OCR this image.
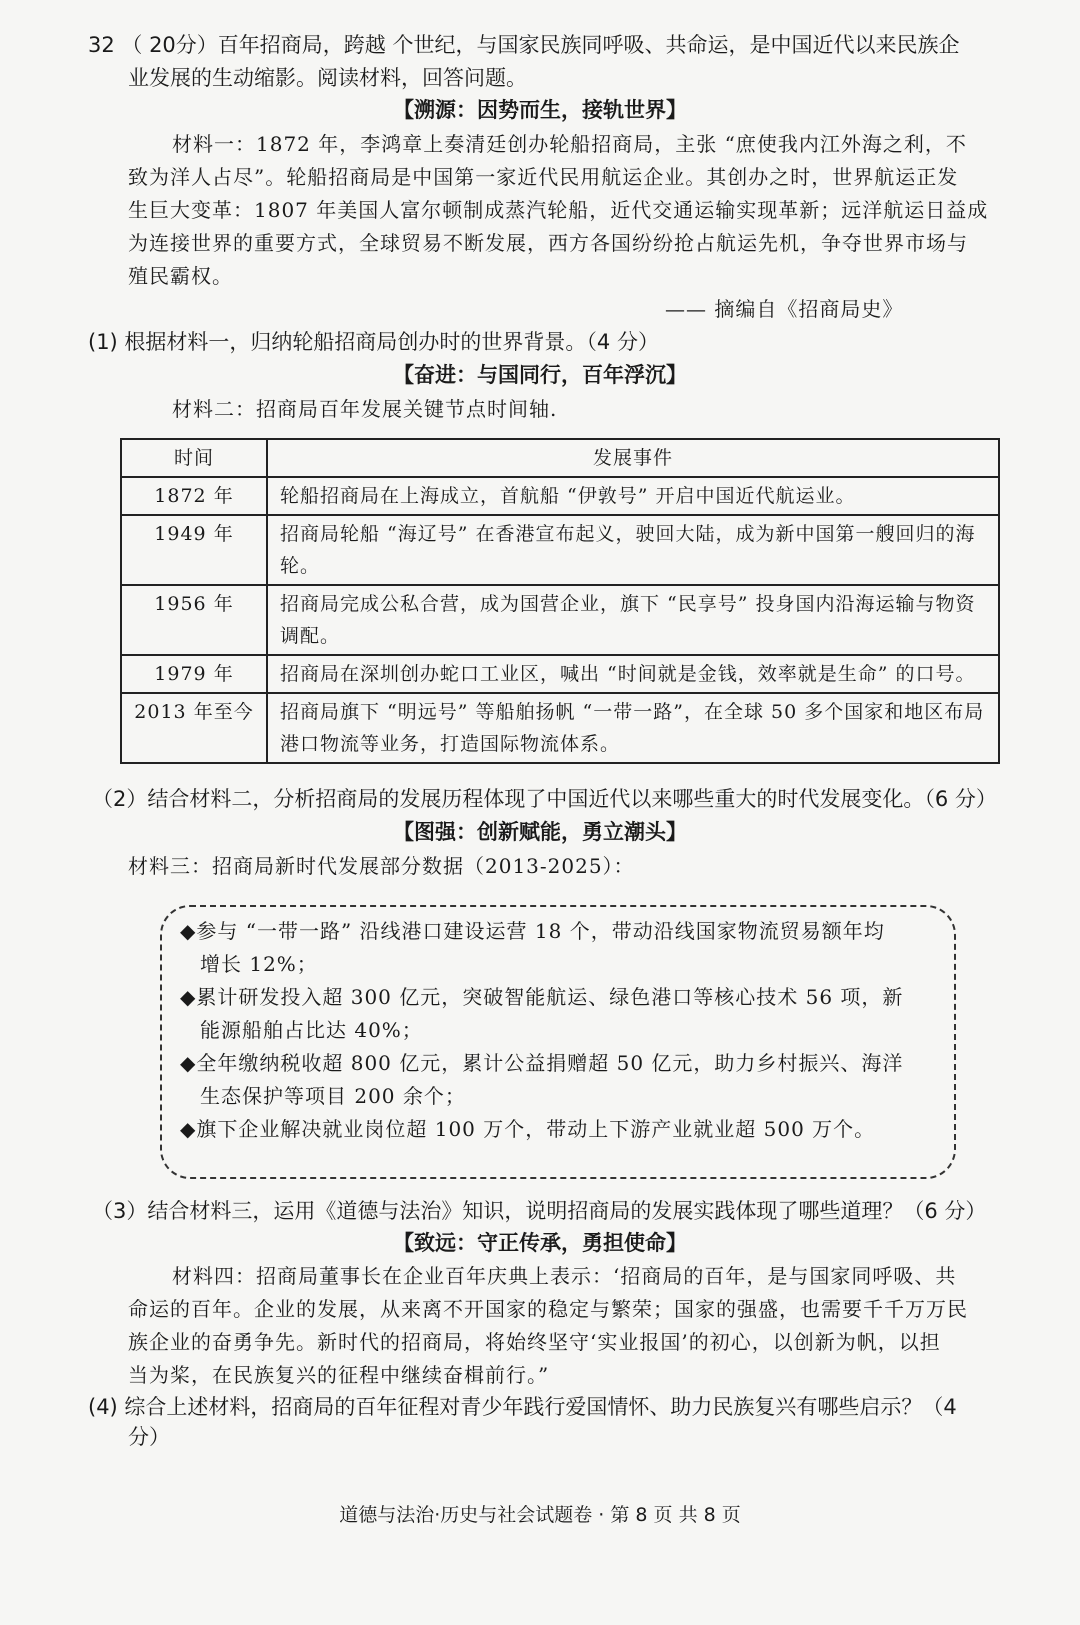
32 （ 20分）百年招商局，跨越 个世纪，与国家民族同呼吸、共命运，是中国近代以来民族企
业发展的生动缩影。阅读材料，回答问题。
【溯源：因势而生，接轨世界】
材料一：1872 年，李鸿章上奏清廷创办轮船招商局，主张 “庶使我内江外海之利，不
致为洋人占尽”。轮船招商局是中国第一家近代民用航运企业。其创办之时，世界航运正发
生巨大变革：1807 年美国人富尔顿制成蒸汽轮船，近代交通运输实现革新；远洋航运日益成
为连接世界的重要方式，全球贸易不断发展，西方各国纷纷抢占航运先机，争夺世界市场与
殖民霸权。
—— 摘编自《招商局史》
(1) 根据材料一，归纳轮船招商局创办时的世界背景。（4 分）
【奋进：与国同行，百年浮沉】
材料二：招商局百年发展关键节点时间轴.
时间	发展事件
1872 年	轮船招商局在上海成立，首航船 “伊敦号” 开启中国近代航运业。
1949 年	招商局轮船 “海辽号” 在香港宣布起义，驶回大陆，成为新中国第一艘回归的海轮。
1956 年	招商局完成公私合营，成为国营企业，旗下 “民享号” 投身国内沿海运输与物资调配。
1979 年	招商局在深圳创办蛇口工业区，喊出 “时间就是金钱，效率就是生命” 的口号。
2013 年至今	招商局旗下 “明远号” 等船舶扬帆 “一带一路”，在全球 50 多个国家和地区布局港口物流等业务，打造国际物流体系。
（2）结合材料二，分析招商局的发展历程体现了中国近代以来哪些重大的时代发展变化。（6 分）
【图强：创新赋能，勇立潮头】
材料三：招商局新时代发展部分数据（2013-2025）：
◆参与 “一带一路” 沿线港口建设运营 18 个，带动沿线国家物流贸易额年均
增长 12%；
◆累计研发投入超 300 亿元，突破智能航运、绿色港口等核心技术 56 项，新
能源船舶占比达 40%；
◆全年缴纳税收超 800 亿元，累计公益捐赠超 50 亿元，助力乡村振兴、海洋
生态保护等项目 200 余个；
◆旗下企业解决就业岗位超 100 万个，带动上下游产业就业超 500 万个。
（3）结合材料三，运用《道德与法治》知识，说明招商局的发展实践体现了哪些道理？（6 分）
【致远：守正传承，勇担使命】
材料四：招商局董事长在企业百年庆典上表示：‘招商局的百年，是与国家同呼吸、共
命运的百年。企业的发展，从来离不开国家的稳定与繁荣；国家的强盛，也需要千千万万民
族企业的奋勇争先。新时代的招商局，将始终坚守‘实业报国’的初心，以创新为帆，以担
当为桨，在民族复兴的征程中继续奋楫前行。”
(4) 综合上述材料，招商局的百年征程对青少年践行爱国情怀、助力民族复兴有哪些启示？（4
分）
道德与法治·历史与社会试题卷 · 第 8 页 共 8 页
